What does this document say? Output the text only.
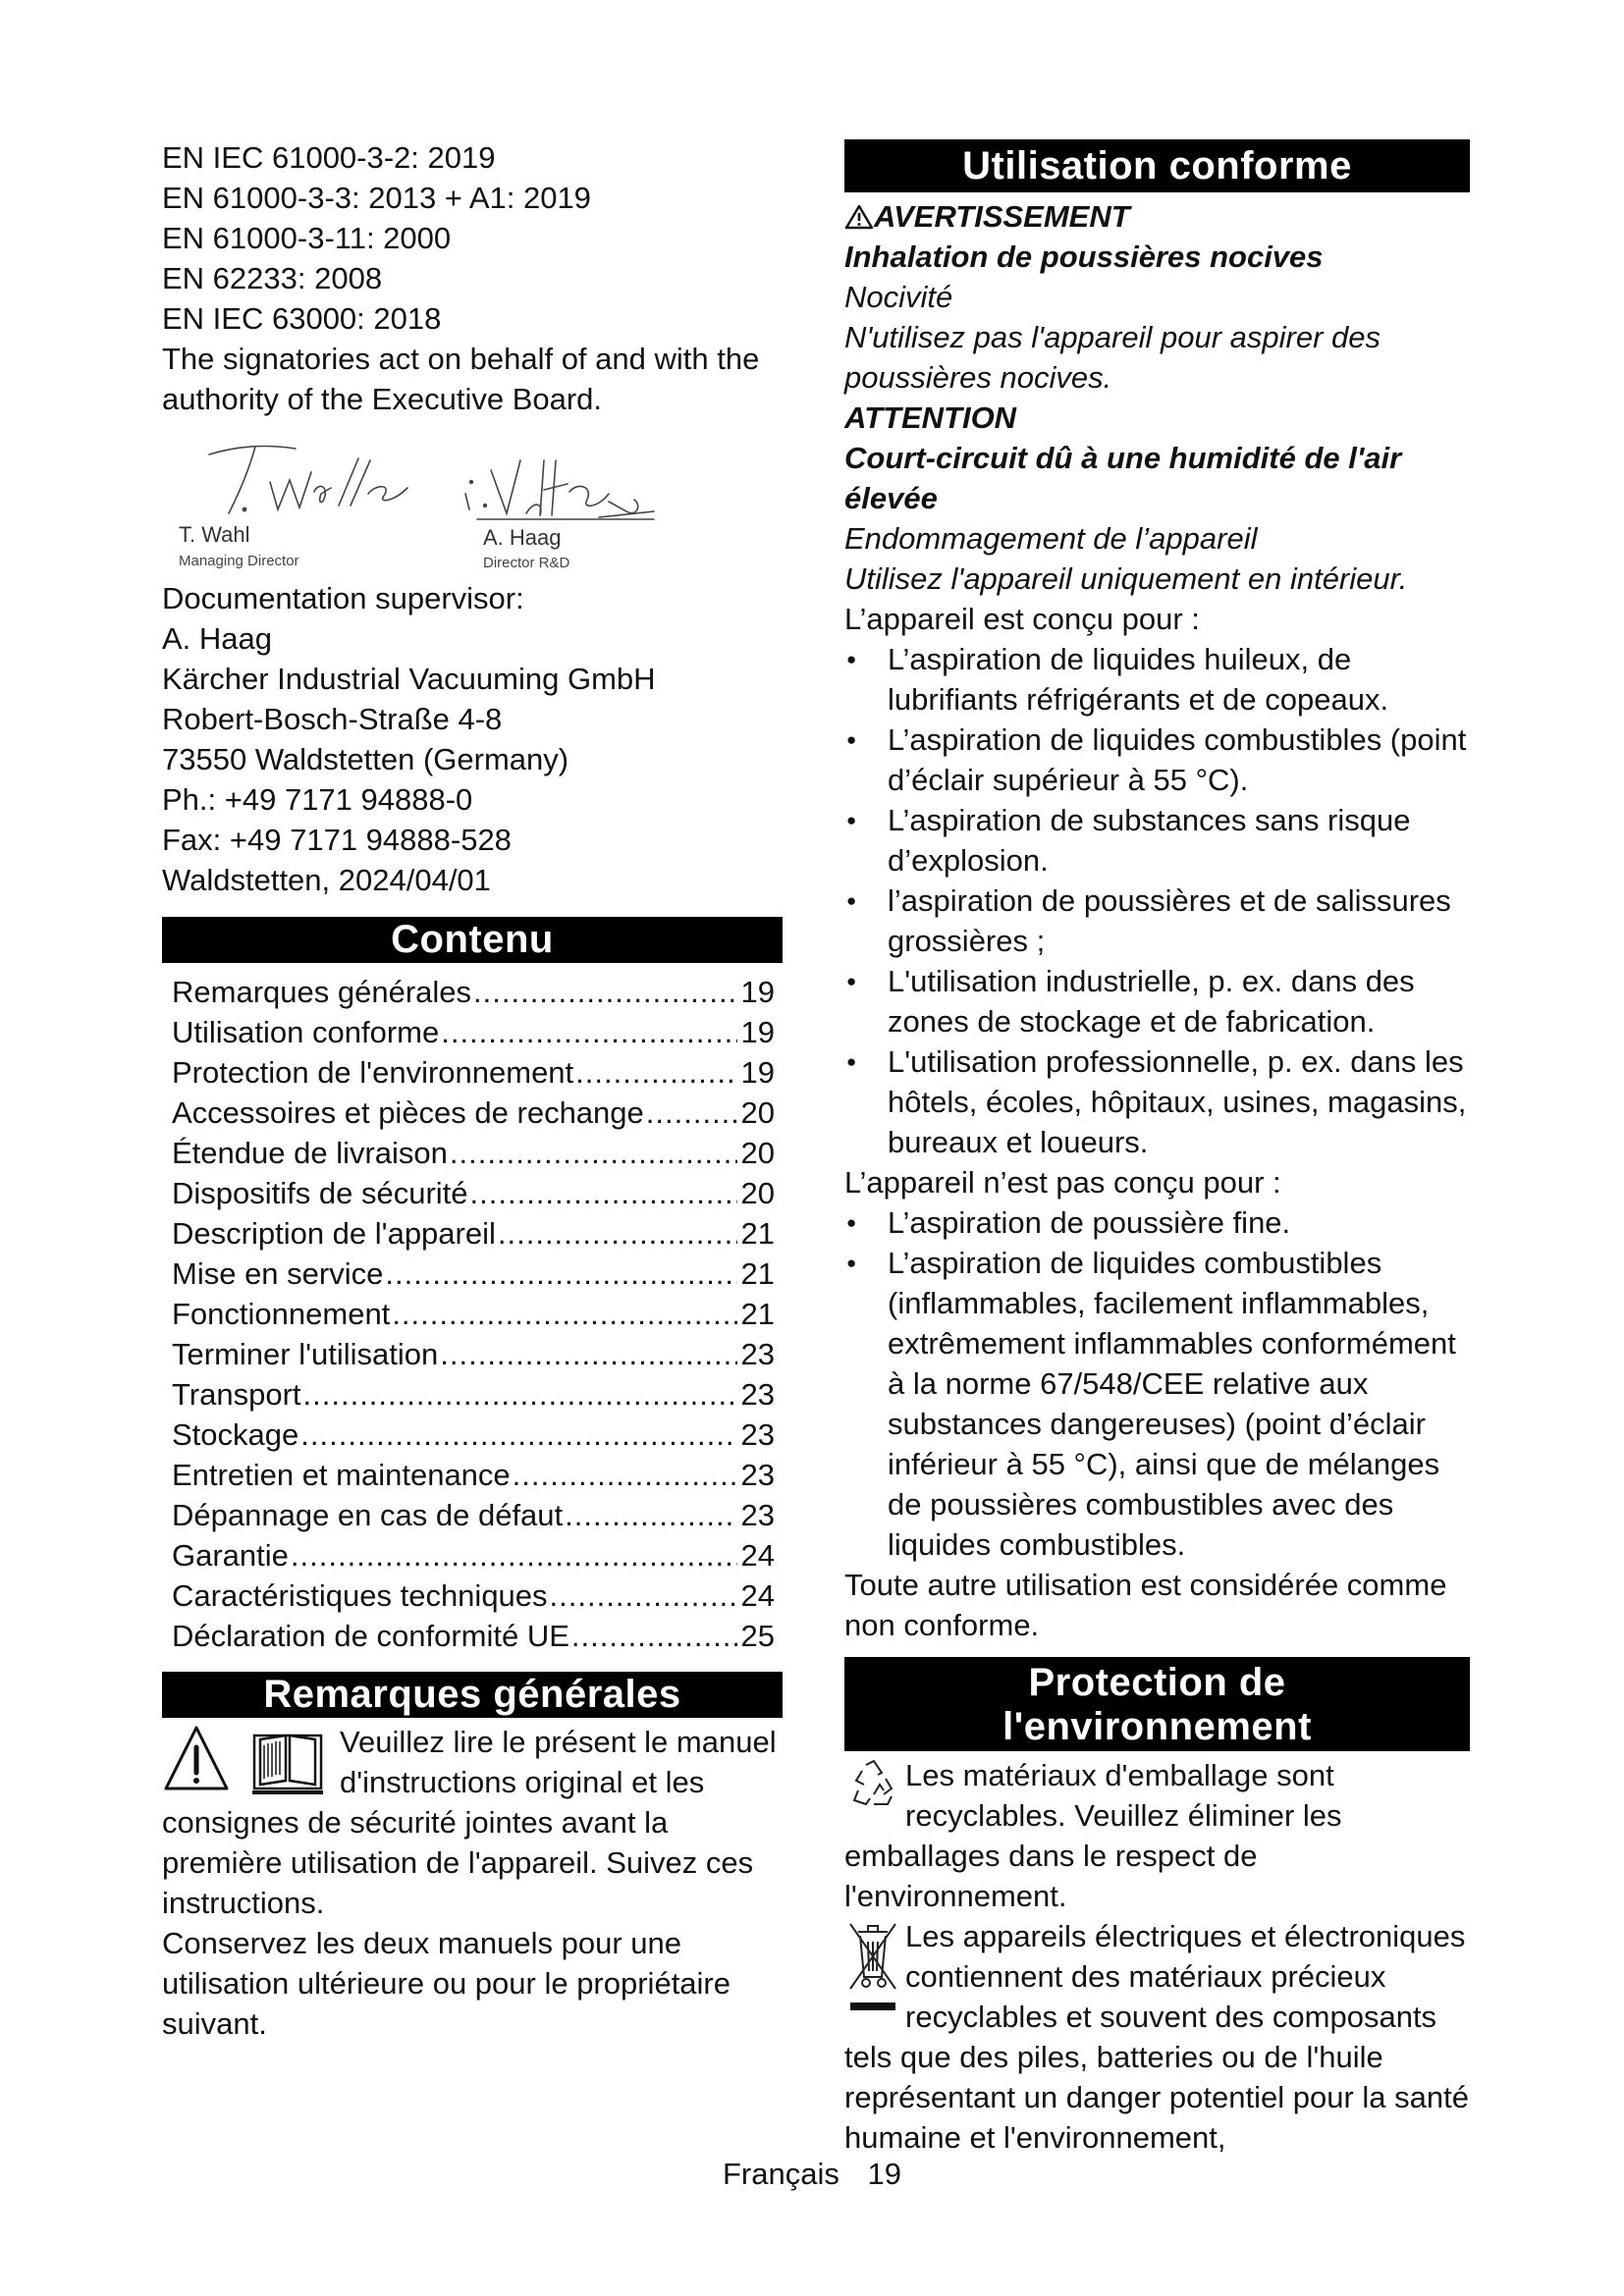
EN IEC 61000-3-2: 2019
EN 61000-3-3: 2013 + A1: 2019
EN 61000-3-11: 2000
EN 62233: 2008
EN IEC 63000: 2018
The signatories act on behalf of and with the authority of the Executive Board.
T. Wahl
Managing Director
A. Haag
Director R&D
Documentation supervisor:
A. Haag
Kärcher Industrial Vacuuming GmbH
Robert-Bosch-Straße 4-8
73550 Waldstetten (Germany)
Ph.: +49 7171 94888-0
Fax: +49 7171 94888-528
Waldstetten, 2024/04/01
Contenu
Remarques générales .....	19
Utilisation conforme .....	19
Protection de l'environnement .....	19
Accessoires et pièces de rechange .....	20
Étendue de livraison .....	20
Dispositifs de sécurité .....	20
Description de l'appareil .....	21
Mise en service .....	21
Fonctionnement .....	21
Terminer l'utilisation .....	23
Transport .....	23
Stockage .....	23
Entretien et maintenance .....	23
Dépannage en cas de défaut .....	23
Garantie .....	24
Caractéristiques techniques .....	24
Déclaration de conformité UE .....	25
Remarques générales
Veuillez lire le présent le manuel d'instructions original et les consignes de sécurité jointes avant la première utilisation de l'appareil. Suivez ces instructions.
Conservez les deux manuels pour une utilisation ultérieure ou pour le propriétaire suivant.
Utilisation conforme
AVERTISSEMENT
Inhalation de poussières nocives
Nocivité
N'utilisez pas l'appareil pour aspirer des poussières nocives.
ATTENTION
Court-circuit dû à une humidité de l'air élevée
Endommagement de l’appareil
Utilisez l'appareil uniquement en intérieur.
L’appareil est conçu pour :
● L’aspiration de liquides huileux, de lubrifiants réfrigérants et de copeaux.
● L’aspiration de liquides combustibles (point d’éclair supérieur à 55 °C).
● L’aspiration de substances sans risque d’explosion.
● l’aspiration de poussières et de salissures grossières ;
● L'utilisation industrielle, p. ex. dans des zones de stockage et de fabrication.
● L'utilisation professionnelle, p. ex. dans les hôtels, écoles, hôpitaux, usines, magasins, bureaux et loueurs.
L’appareil n’est pas conçu pour :
● L’aspiration de poussière fine.
● L’aspiration de liquides combustibles (inflammables, facilement inflammables, extrêmement inflammables conformément à la norme 67/548/CEE relative aux substances dangereuses) (point d’éclair inférieur à 55 °C), ainsi que de mélanges de poussières combustibles avec des liquides combustibles.
Toute autre utilisation est considérée comme non conforme.
Protection de
l'environnement
Les matériaux d'emballage sont recyclables. Veuillez éliminer les emballages dans le respect de l'environnement.
Les appareils électriques et électroniques contiennent des matériaux précieux recyclables et souvent des composants tels que des piles, batteries ou de l'huile représentant un danger potentiel pour la santé humaine et l'environnement,
Français 19
